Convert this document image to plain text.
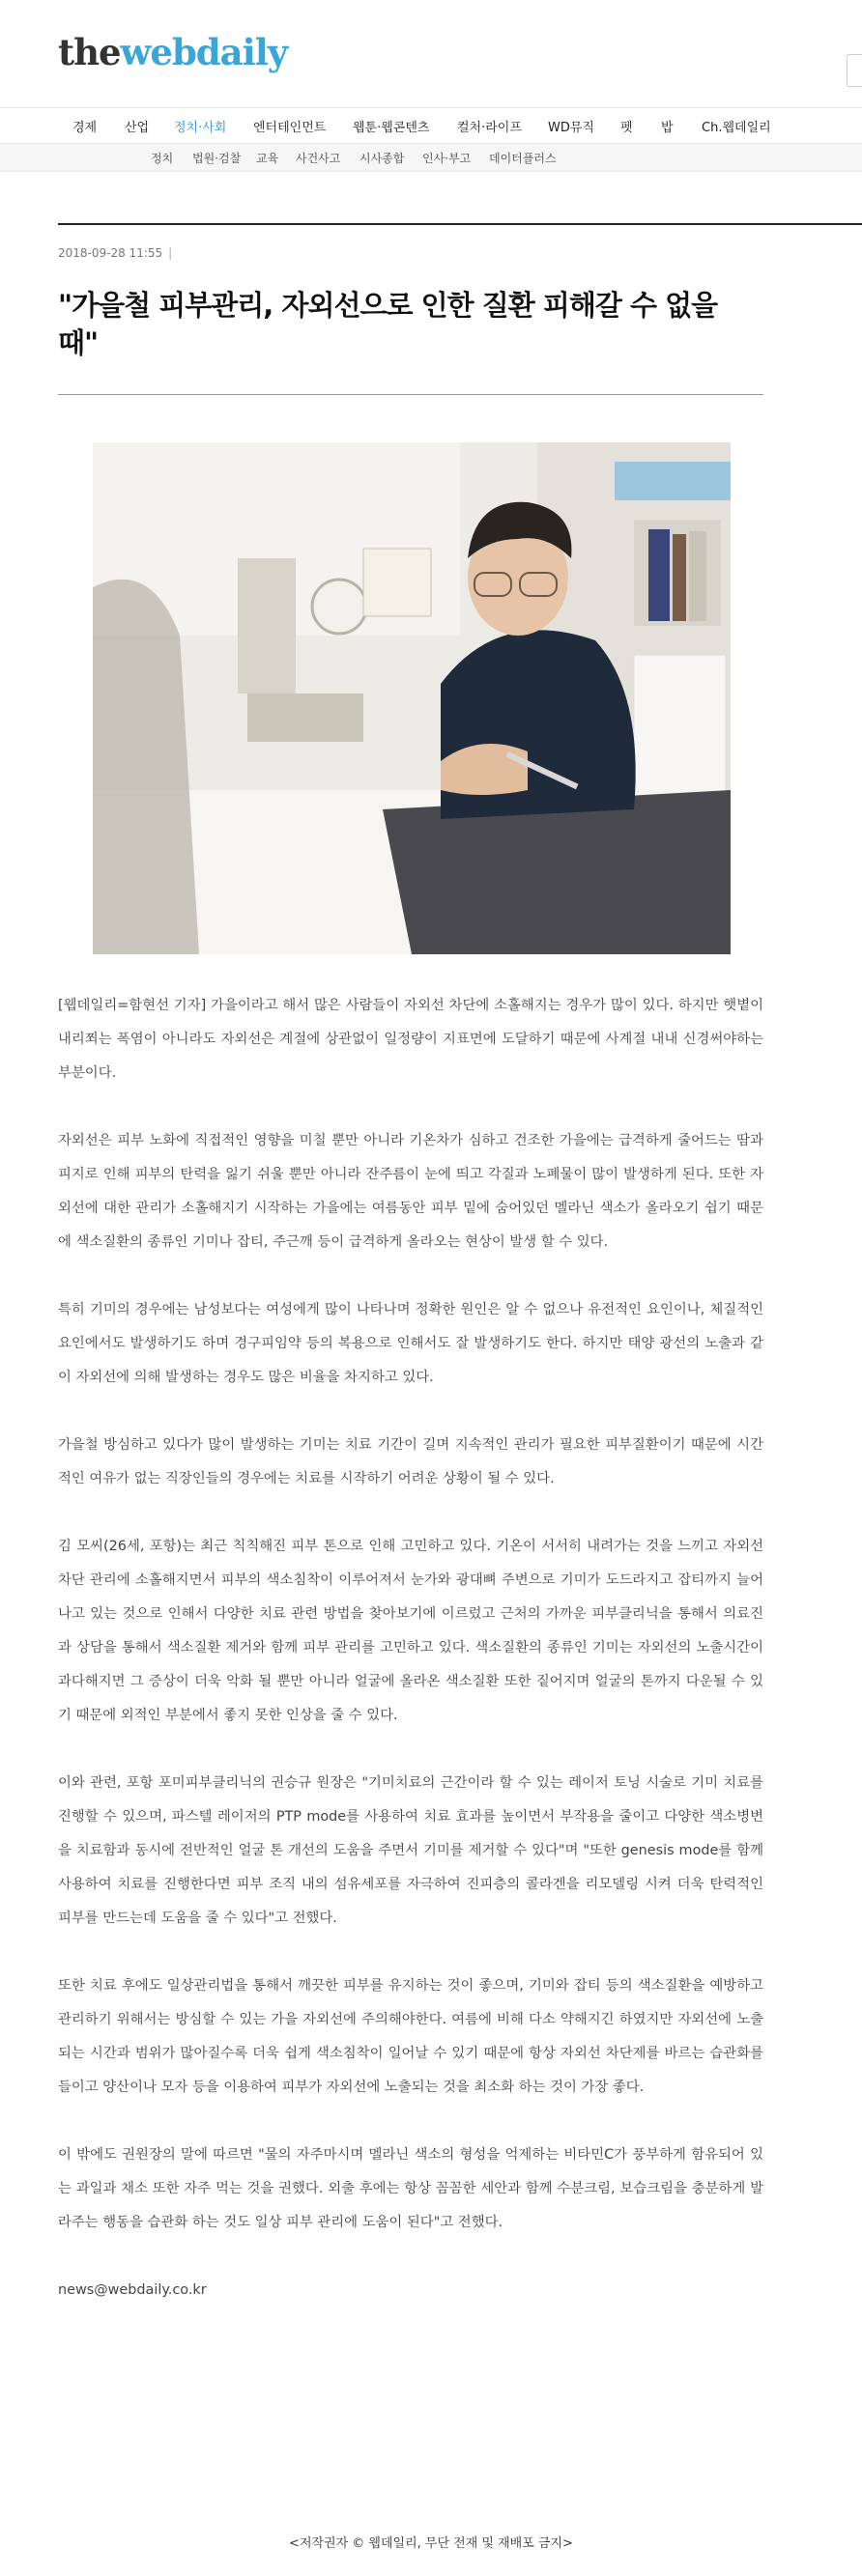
thewebdaily
경제 산업 정치·사회 엔터테인먼트 웹툰·웹콘텐츠 컬처·라이프 WD뮤직 펫 밥 Ch.웹데일리
정치 법원·검찰 교육 사건사고 시사종합 인사·부고 데이터플러스
2018-09-28 11:55 |
"가을철 피부관리, 자외선으로 인한 질환 피해갈 수 없을 때"

[웹데일리=함현선 기자] 가을이라고 해서 많은 사람들이 자외선 차단에 소홀해지는 경우가 많이 있다. 하지만 햇볕이 내리쬐는 폭염이 아니라도 자외선은 계절에 상관없이 일정량이 지표면에 도달하기 때문에 사계절 내내 신경써야하는 부분이다.

자외선은 피부 노화에 직접적인 영향을 미칠 뿐만 아니라 기온차가 심하고 건조한 가을에는 급격하게 줄어드는 땀과 피지로 인해 피부의 탄력을 잃기 쉬울 뿐만 아니라 잔주름이 눈에 띄고 각질과 노폐물이 많이 발생하게 된다. 또한 자외선에 대한 관리가 소홀해지기 시작하는 가을에는 여름동안 피부 밑에 숨어있던 멜라닌 색소가 올라오기 쉽기 때문에 색소질환의 종류인 기미나 잡티, 주근깨 등이 급격하게 올라오는 현상이 발생 할 수 있다.

특히 기미의 경우에는 남성보다는 여성에게 많이 나타나며 정확한 원인은 알 수 없으나 유전적인 요인이나, 체질적인 요인에서도 발생하기도 하며 경구피임약 등의 복용으로 인해서도 잘 발생하기도 한다. 하지만 태양 광선의 노출과 같이 자외선에 의해 발생하는 경우도 많은 비율을 차지하고 있다.

가을철 방심하고 있다가 많이 발생하는 기미는 치료 기간이 길며 지속적인 관리가 필요한 피부질환이기 때문에 시간적인 여유가 없는 직장인들의 경우에는 치료를 시작하기 어려운 상황이 될 수 있다.

김 모씨(26세, 포항)는 최근 칙칙해진 피부 톤으로 인해 고민하고 있다. 기온이 서서히 내려가는 것을 느끼고 자외선 차단 관리에 소홀해지면서 피부의 색소침착이 이루어져서 눈가와 광대뼈 주변으로 기미가 도드라지고 잡티까지 늘어나고 있는 것으로 인해서 다양한 치료 관련 방법을 찾아보기에 이르렀고 근처의 가까운 피부클리닉을 통해서 의료진과 상담을 통해서 색소질환 제거와 함께 피부 관리를 고민하고 있다. 색소질환의 종류인 기미는 자외선의 노출시간이 과다해지면 그 증상이 더욱 악화 될 뿐만 아니라 얼굴에 올라온 색소질환 또한 짙어지며 얼굴의 톤까지 다운될 수 있기 때문에 외적인 부분에서 좋지 못한 인상을 줄 수 있다.

이와 관련, 포항 포미피부클리닉의 권승규 원장은 "기미치료의 근간이라 할 수 있는 레이저 토닝 시술로 기미 치료를 진행할 수 있으며, 파스텔 레이저의 PTP mode를 사용하여 치료 효과를 높이면서 부작용을 줄이고 다양한 색소병변을 치료함과 동시에 전반적인 얼굴 톤 개선의 도움을 주면서 기미를 제거할 수 있다"며 "또한 genesis mode를 함께 사용하여 치료를 진행한다면 피부 조직 내의 섬유세포를 자극하여 진피층의 콜라겐을 리모델링 시켜 더욱 탄력적인 피부를 만드는데 도움을 줄 수 있다"고 전했다.

또한 치료 후에도 일상관리법을 통해서 깨끗한 피부를 유지하는 것이 좋으며, 기미와 잡티 등의 색소질환을 예방하고 관리하기 위해서는 방심할 수 있는 가을 자외선에 주의해야한다. 여름에 비해 다소 약해지긴 하였지만 자외선에 노출되는 시간과 범위가 많아질수록 더욱 쉽게 색소침착이 일어날 수 있기 때문에 항상 자외선 차단제를 바르는 습관화를 들이고 양산이나 모자 등을 이용하여 피부가 자외선에 노출되는 것을 최소화 하는 것이 가장 좋다.

이 밖에도 권원장의 말에 따르면 "물의 자주마시며 멜라닌 색소의 형성을 억제하는 비타민C가 풍부하게 함유되어 있는 과일과 채소 또한 자주 먹는 것을 권했다. 외출 후에는 항상 꼼꼼한 세안과 함께 수분크림, 보습크림을 충분하게 발라주는 행동을 습관화 하는 것도 일상 피부 관리에 도움이 된다"고 전했다.

news@webdaily.co.kr

<저작권자 © 웹데일리, 무단 전재 및 재배포 금지>
